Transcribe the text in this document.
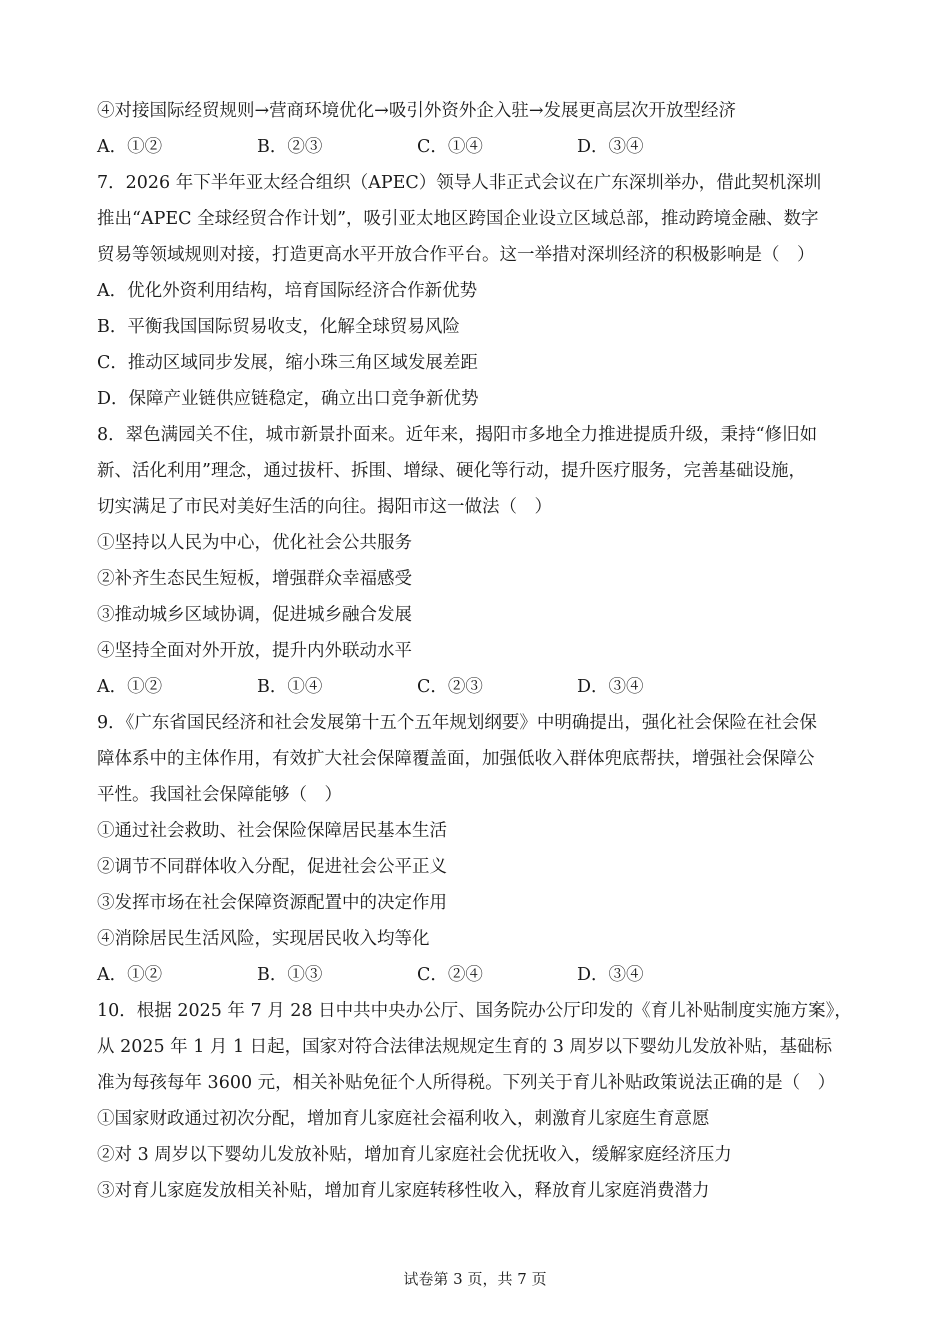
④对接国际经贸规则→营商环境优化→吸引外资外企入驻→发展更高层次开放型经济
A．①②	B．②③	C．①④	D．③④
7．2026 年下半年亚太经合组织（APEC）领导人非正式会议在广东深圳举办，借此契机深圳
推出“APEC 全球经贸合作计划”，吸引亚太地区跨国企业设立区域总部，推动跨境金融、数字
贸易等领域规则对接，打造更高水平开放合作平台。这一举措对深圳经济的积极影响是（　）
A．优化外资利用结构，培育国际经济合作新优势
B．平衡我国国际贸易收支，化解全球贸易风险
C．推动区域同步发展，缩小珠三角区域发展差距
D．保障产业链供应链稳定，确立出口竞争新优势
8．翠色满园关不住，城市新景扑面来。近年来，揭阳市多地全力推进提质升级，秉持“修旧如
新、活化利用”理念，通过拔杆、拆围、增绿、硬化等行动，提升医疗服务，完善基础设施，
切实满足了市民对美好生活的向往。揭阳市这一做法（　）
①坚持以人民为中心，优化社会公共服务
②补齐生态民生短板，增强群众幸福感受
③推动城乡区域协调，促进城乡融合发展
④坚持全面对外开放，提升内外联动水平
A．①②	B．①④	C．②③	D．③④
9．《广东省国民经济和社会发展第十五个五年规划纲要》中明确提出，强化社会保险在社会保
障体系中的主体作用，有效扩大社会保障覆盖面，加强低收入群体兜底帮扶，增强社会保障公
平性。我国社会保障能够（　）
①通过社会救助、社会保险保障居民基本生活
②调节不同群体收入分配，促进社会公平正义
③发挥市场在社会保障资源配置中的决定作用
④消除居民生活风险，实现居民收入均等化
A．①②	B．①③	C．②④	D．③④
10．根据 2025 年 7 月 28 日中共中央办公厅、国务院办公厅印发的《育儿补贴制度实施方案》，
从 2025 年 1 月 1 日起，国家对符合法律法规规定生育的 3 周岁以下婴幼儿发放补贴，基础标
准为每孩每年 3600 元，相关补贴免征个人所得税。下列关于育儿补贴政策说法正确的是（　）
①国家财政通过初次分配，增加育儿家庭社会福利收入，刺激育儿家庭生育意愿
②对 3 周岁以下婴幼儿发放补贴，增加育儿家庭社会优抚收入，缓解家庭经济压力
③对育儿家庭发放相关补贴，增加育儿家庭转移性收入，释放育儿家庭消费潜力
试卷第 3 页，共 7 页
